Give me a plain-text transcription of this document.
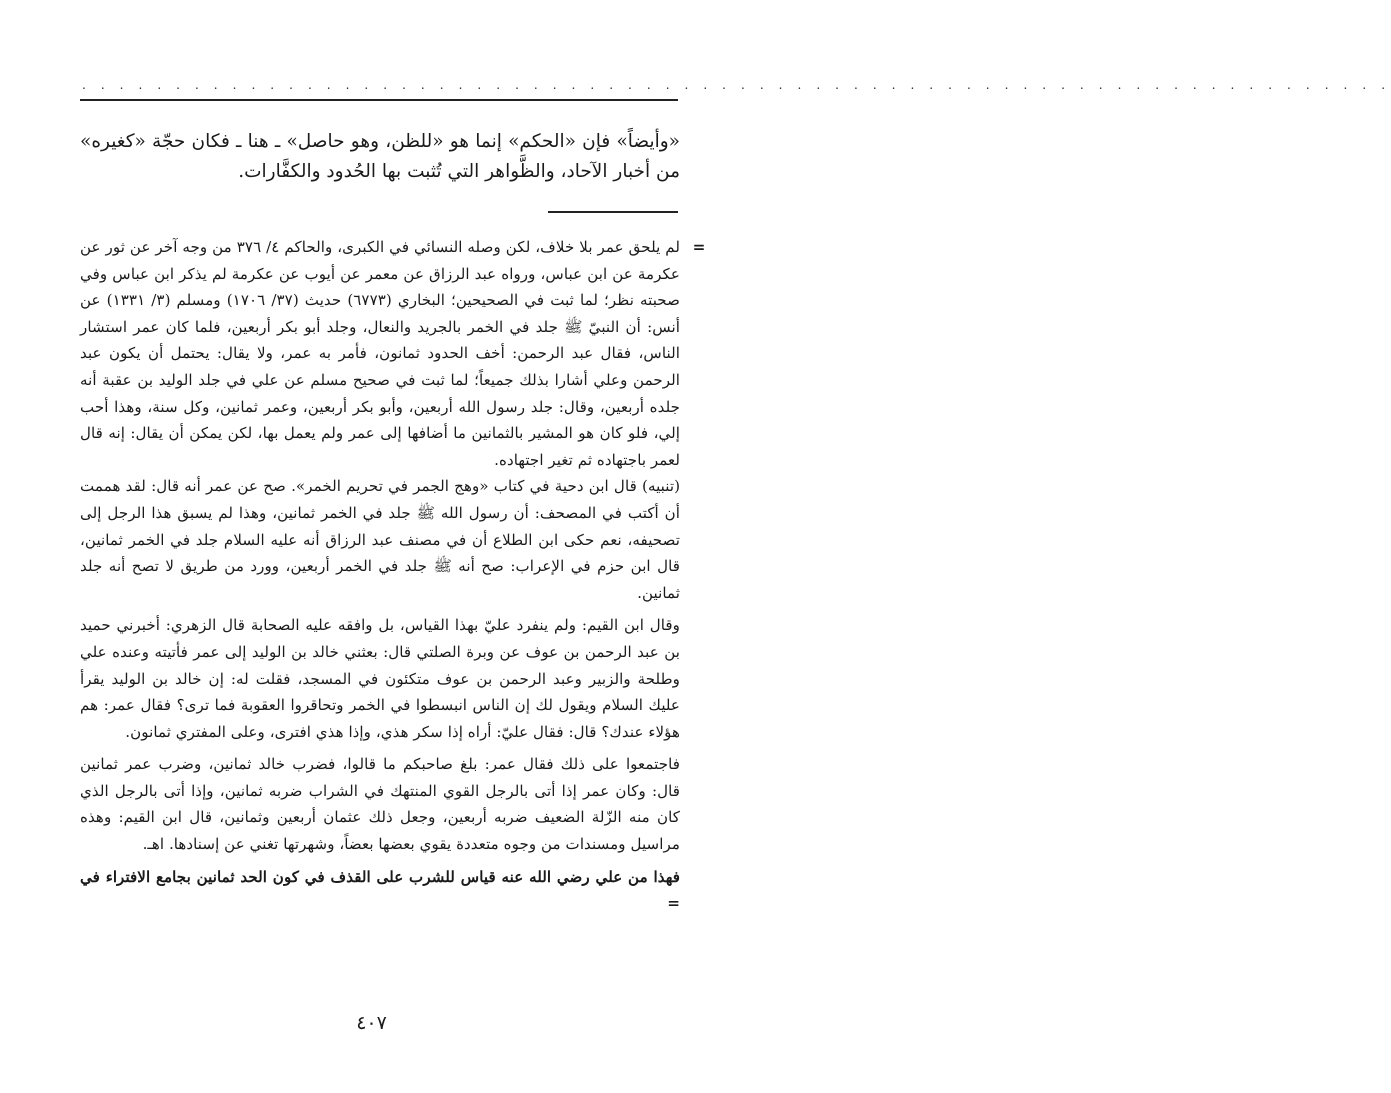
. . . . . . . . . . . . . . . . . . . . . . . . . . . . . . . . . . . . . . . . . . . . . . . . . . . . . . . . . . . . . . . . . . . . . .

«وأيضاً» فإن «الحكم» إنما هو «للظن، وهو حاصل» ـ هنا ـ فكان حجّة «كغيره» من أخبار الآحاد، والظَّواهر التي تُثبت بها الحُدود والكفَّارات.

=

لم يلحق عمر بلا خلاف، لكن وصله النسائي في الكبرى، والحاكم ٤/ ٣٧٦ من وجه آخر عن ثور عن عكرمة عن ابن عباس، ورواه عبد الرزاق عن معمر عن أيوب عن عكرمة لم يذكر ابن عباس وفي صحبته نظر؛ لما ثبت في الصحيحين؛ البخاري (٦٧٧٣) حديث (٣٧/ ١٧٠٦) ومسلم (٣/ ١٣٣١) عن أنس: أن النبيّ ﷺ جلد في الخمر بالجريد والنعال، وجلد أبو بكر أربعين، فلما كان عمر استشار الناس، فقال عبد الرحمن: أخف الحدود ثمانون، فأمر به عمر، ولا يقال: يحتمل أن يكون عبد الرحمن وعلي أشارا بذلك جميعاً؛ لما ثبت في صحيح مسلم عن علي في جلد الوليد بن عقبة أنه جلده أربعين، وقال: جلد رسول الله أربعين، وأبو بكر أربعين، وعمر ثمانين، وكل سنة، وهذا أحب إلي، فلو كان هو المشير بالثمانين ما أضافها إلى عمر ولم يعمل بها، لكن يمكن أن يقال: إنه قال لعمر باجتهاده ثم تغير اجتهاده.

(تنبيه) قال ابن دحية في كتاب «وهج الجمر في تحريم الخمر». صح عن عمر أنه قال: لقد هممت أن أكتب في المصحف: أن رسول الله ﷺ جلد في الخمر ثمانين، وهذا لم يسبق هذا الرجل إلى تصحيفه، نعم حكى ابن الطلاع أن في مصنف عبد الرزاق أنه عليه السلام جلد في الخمر ثمانين، قال ابن حزم في الإعراب: صح أنه ﷺ جلد في الخمر أربعين، وورد من طريق لا تصح أنه جلد ثمانين.

وقال ابن القيم: ولم ينفرد عليّ بهذا القياس، بل وافقه عليه الصحابة قال الزهري: أخبرني حميد بن عبد الرحمن بن عوف عن وبرة الصلتي قال: بعثني خالد بن الوليد إلى عمر فأتيته وعنده علي وطلحة والزبير وعبد الرحمن بن عوف متكئون في المسجد، فقلت له: إن خالد بن الوليد يقرأ عليك السلام ويقول لك إن الناس انبسطوا في الخمر وتحاقروا العقوبة فما ترى؟ فقال عمر: هم هؤلاء عندك؟ قال: فقال عليّ: أراه إذا سكر هذي، وإذا هذي افترى، وعلى المفتري ثمانون.

فاجتمعوا على ذلك فقال عمر: بلغ صاحبكم ما قالوا، فضرب خالد ثمانين، وضرب عمر ثمانين قال: وكان عمر إذا أتى بالرجل القوي المنتهك في الشراب ضربه ثمانين، وإذا أتى بالرجل الذي كان منه الزّلة الضعيف ضربه أربعين، وجعل ذلك عثمان أربعين وثمانين، قال ابن القيم: وهذه مراسيل ومسندات من وجوه متعددة يقوي بعضها بعضاً، وشهرتها تغني عن إسنادها. اهـ.

فهذا من علي رضي الله عنه قياس للشرب على القذف في كون الحد ثمانين بجامع الافتراء في =

٤٠٧
